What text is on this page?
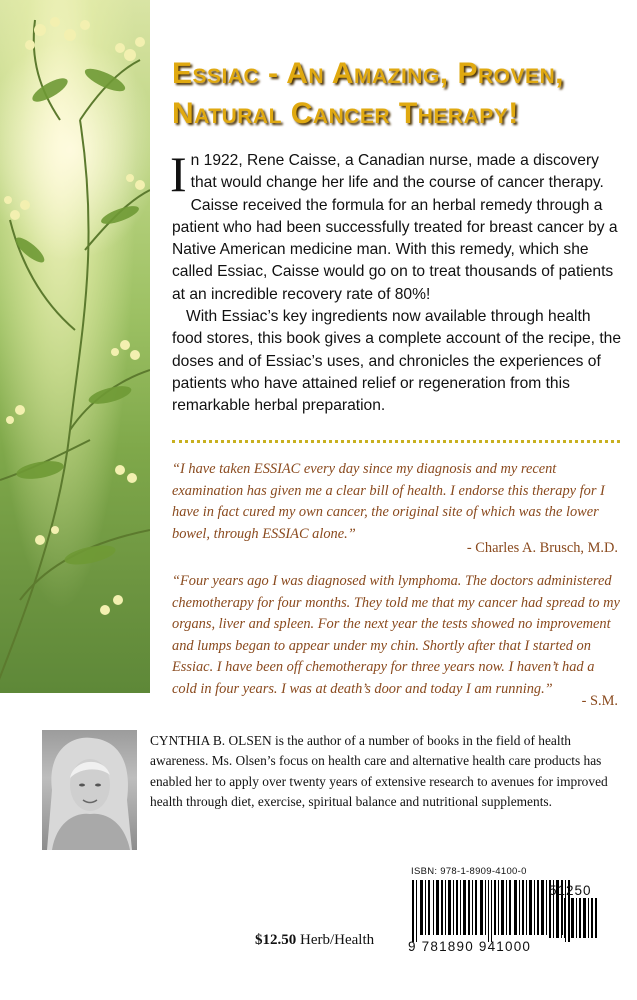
Essiac - An Amazing, Proven, Natural Cancer Therapy!

In 1922, Rene Caisse, a Canadian nurse, made a discovery that would change her life and the course of cancer therapy. Caisse received the formula for an herbal remedy through a patient who had been successfully treated for breast cancer by a Native American medicine man. With this remedy, which she called Essiac, Caisse would go on to treat thousands of patients at an incredible recovery rate of 80%!

With Essiac’s key ingredients now available through health food stores, this book gives a complete account of the recipe, the doses and of Essiac’s uses, and chronicles the experiences of patients who have attained relief or regeneration from this remarkable herbal preparation.

“I have taken ESSIAC every day since my diagnosis and my recent examination has given me a clear bill of health. I endorse this therapy for I have in fact cured my own cancer, the original site of which was the lower bowel, through ESSIAC alone.”
- Charles A. Brusch, M.D.
“Four years ago I was diagnosed with lymphoma. The doctors administered chemotherapy for four months. They told me that my cancer had spread to my organs, liver and spleen. For the next year the tests showed no improvement and lumps began to appear under my chin. Shortly after that I started on Essiac. I have been off chemotherapy for three years now. I haven’t had a cold in four years. I was at death’s door and today I am running.”
- S.M.
CYNTHIA B. OLSEN is the author of a number of books in the field of health awareness. Ms. Olsen’s focus on health care and alternative health care products has enabled her to apply over twenty years of extensive research to avenues for improved health through diet, exercise, spiritual balance and nutritional supplements.
ISBN: 978-1-8909-4100-0
9 781890 941000
51250
$12.50 Herb/Health
